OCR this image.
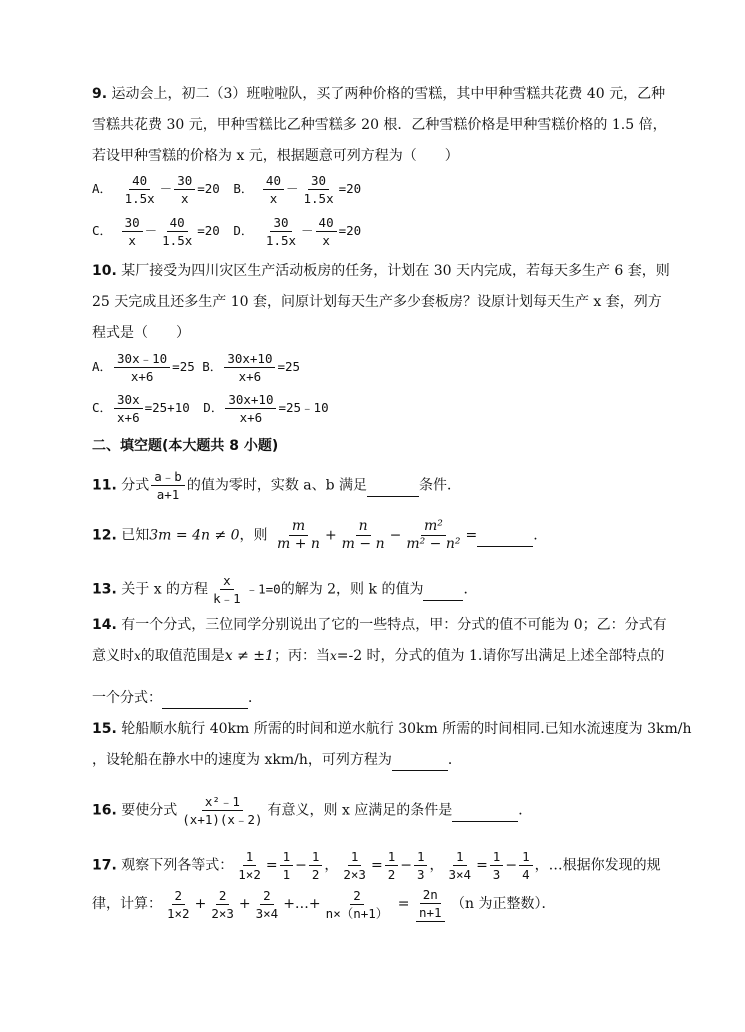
9. 运动会上，初二（3）班啦啦队，买了两种价格的雪糕，其中甲种雪糕共花费 40 元，乙种
雪糕共花费 30 元，甲种雪糕比乙种雪糕多 20 根．乙种雪糕价格是甲种雪糕价格的 1.5 倍，
若设甲种雪糕的价格为 x 元，根据题意可列方程为（　　）
A． $\frac{40}{1.5x} - \frac{30}{x} =20$ B． $\frac{40}{x} - \frac{30}{1.5x} =20$
C． $\frac{30}{x} - \frac{40}{1.5x} =20$ D． $\frac{30}{1.5x} - \frac{40}{x} =20$
10. 某厂接受为四川灾区生产活动板房的任务，计划在 30 天内完成，若每天多生产 6 套，则
25 天完成且还多生产 10 套，问原计划每天生产多少套板房？设原计划每天生产 x 套，列方
程式是（　　）
A． $\frac{30x﹣10}{x+6} =25$ B． $\frac{30x+10}{x+6} =25$
C． $\frac{30x}{x+6} =25+10$ D． $\frac{30x+10}{x+6}$ =25﹣10
二、填空题(本大题共 8 小题)
11. 分式 $\frac{a﹣b}{a+1}$ 的值为零时，实数 a、b 满足	条件．
12. 已知3m = 4n ≠ 0，则 $\frac{m}{m + n} + \frac{n}{m - n} - \frac{\text{m²}}{\text{m² − n²}}$ =	.
13. 关于 x 的方程 $\frac{x}{k﹣1}$ ﹣1=0的解为 2，则 k 的值为	．
14. 有一个分式，三位同学分别说出了它的一些特点，甲：分式的值不可能为 0；乙：分式有
意义时x的取值范围是x ≠ ±1；丙：当x=-2 时，分式的值为 1.请你写出满足上述全部特点的
一个分式：	．
15. 轮船顺水航行 40km 所需的时间和逆水航行 30km 所需的时间相同.已知水流速度为 3km/h
，设轮船在静水中的速度为 xkm/h，可列方程为	．
16. 要使分式 $\frac{\text{x²﹣1}}{(x+1)(x﹣2)}$ 有意义，则 x 应满足的条件是	．
17. 观察下列各等式： $\frac{1}{1\times 2} = \frac{1}{1} - \frac{1}{2}$ ， $\frac{1}{2\times 3} = \frac{1}{2} - \frac{1}{3}$ ， $\frac{1}{3\times 4} = \frac{1}{3} - \frac{1}{4}$ ，…根据你发现的规
律，计算： $\frac{2}{1\times 2} + \frac{2}{2\times 3} + \frac{2}{3\times 4}$ +…+ $\frac{2}{n\times(n+1)} = \frac{2n}{n+1} (n$ 为正整数）．
